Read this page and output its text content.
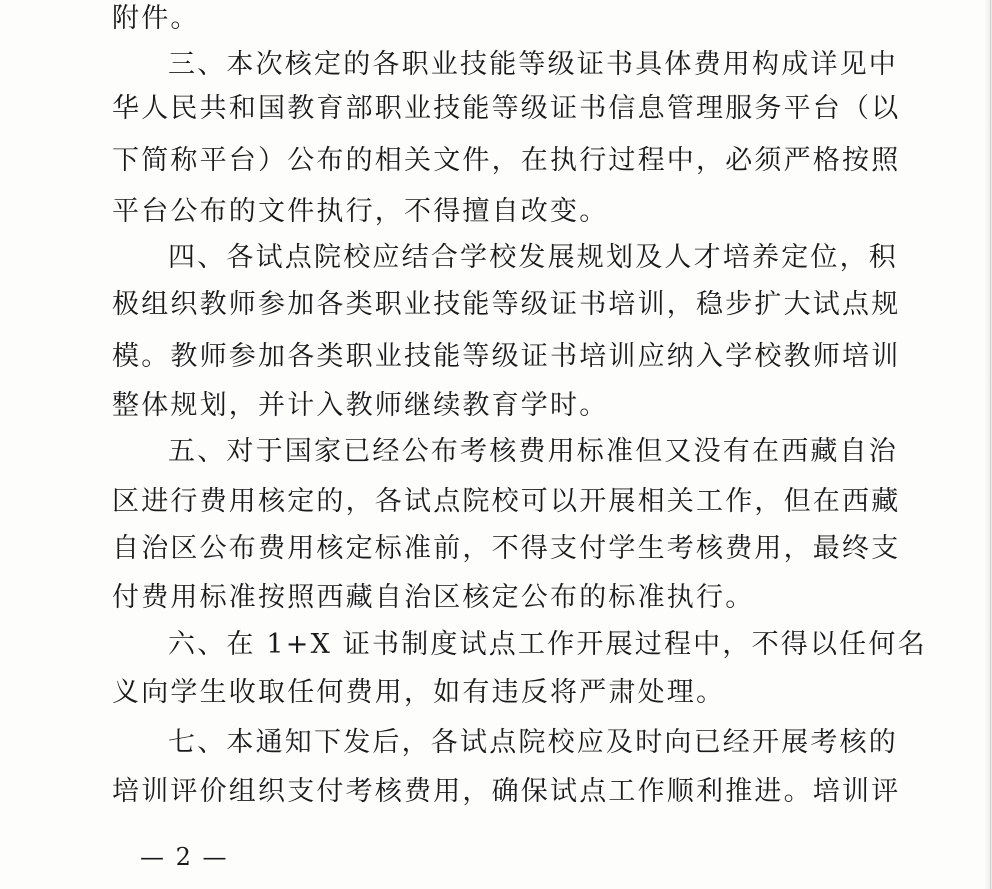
附件。
三、本次核定的各职业技能等级证书具体费用构成详见中
华人民共和国教育部职业技能等级证书信息管理服务平台（以
下简称平台）公布的相关文件，在执行过程中，必须严格按照
平台公布的文件执行，不得擅自改变。
四、各试点院校应结合学校发展规划及人才培养定位，积
极组织教师参加各类职业技能等级证书培训，稳步扩大试点规
模。教师参加各类职业技能等级证书培训应纳入学校教师培训
整体规划，并计入教师继续教育学时。
五、对于国家已经公布考核费用标准但又没有在西藏自治
区进行费用核定的，各试点院校可以开展相关工作，但在西藏
自治区公布费用核定标准前，不得支付学生考核费用，最终支
付费用标准按照西藏自治区核定公布的标准执行。
六、在 1+X 证书制度试点工作开展过程中，不得以任何名
义向学生收取任何费用，如有违反将严肃处理。
七、本通知下发后，各试点院校应及时向已经开展考核的
培训评价组织支付考核费用，确保试点工作顺利推进。培训评
— 2 —
